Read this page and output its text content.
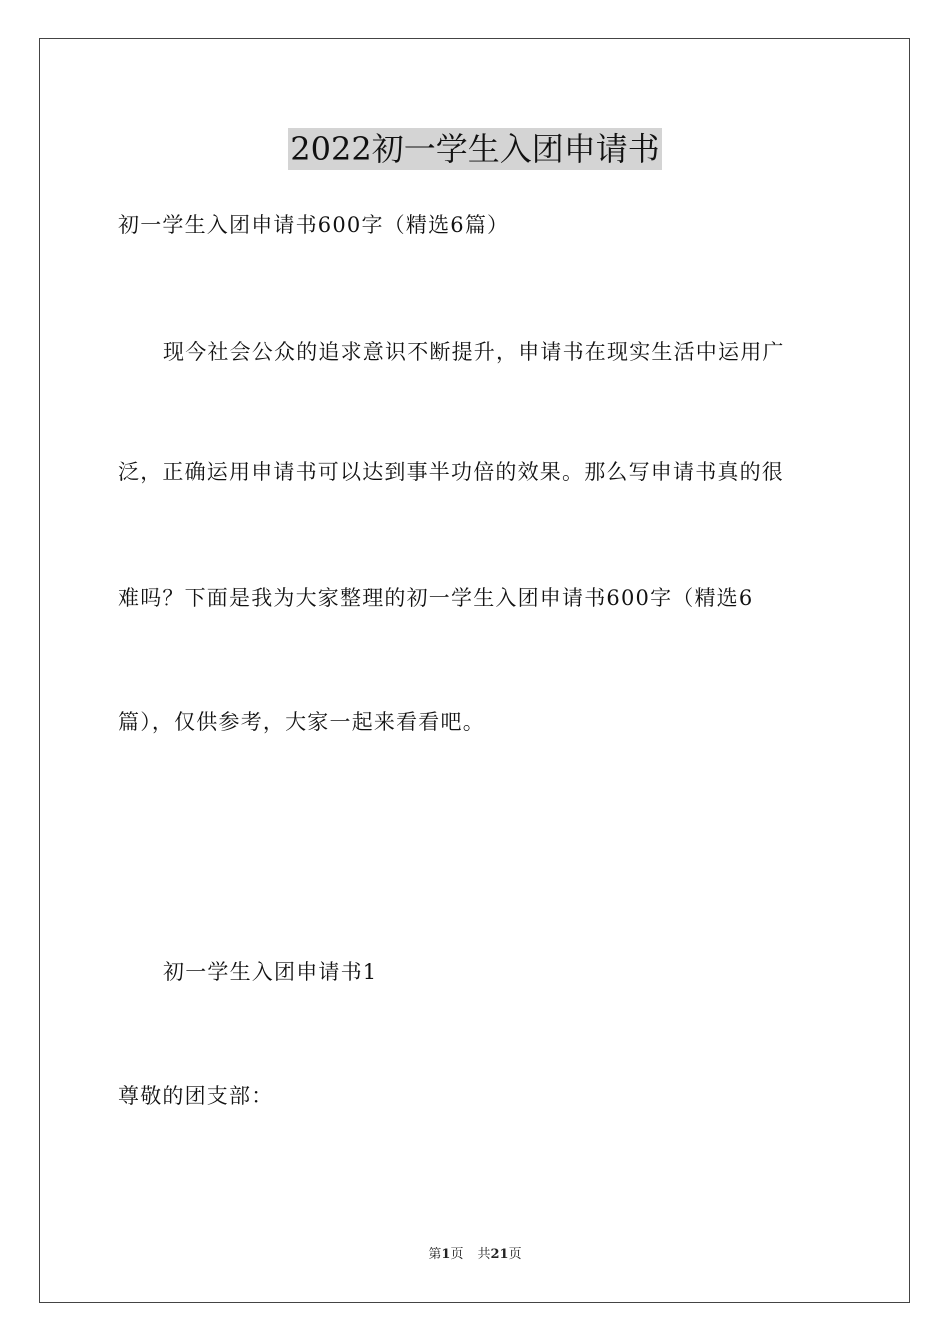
2022初一学生入团申请书
初一学生入团申请书600字（精选6篇）
现今社会公众的追求意识不断提升，申请书在现实生活中运用广
泛，正确运用申请书可以达到事半功倍的效果。那么写申请书真的很
难吗？下面是我为大家整理的初一学生入团申请书600字（精选6
篇），仅供参考，大家一起来看看吧。
初一学生入团申请书1
尊敬的团支部：
第1页 共21页
